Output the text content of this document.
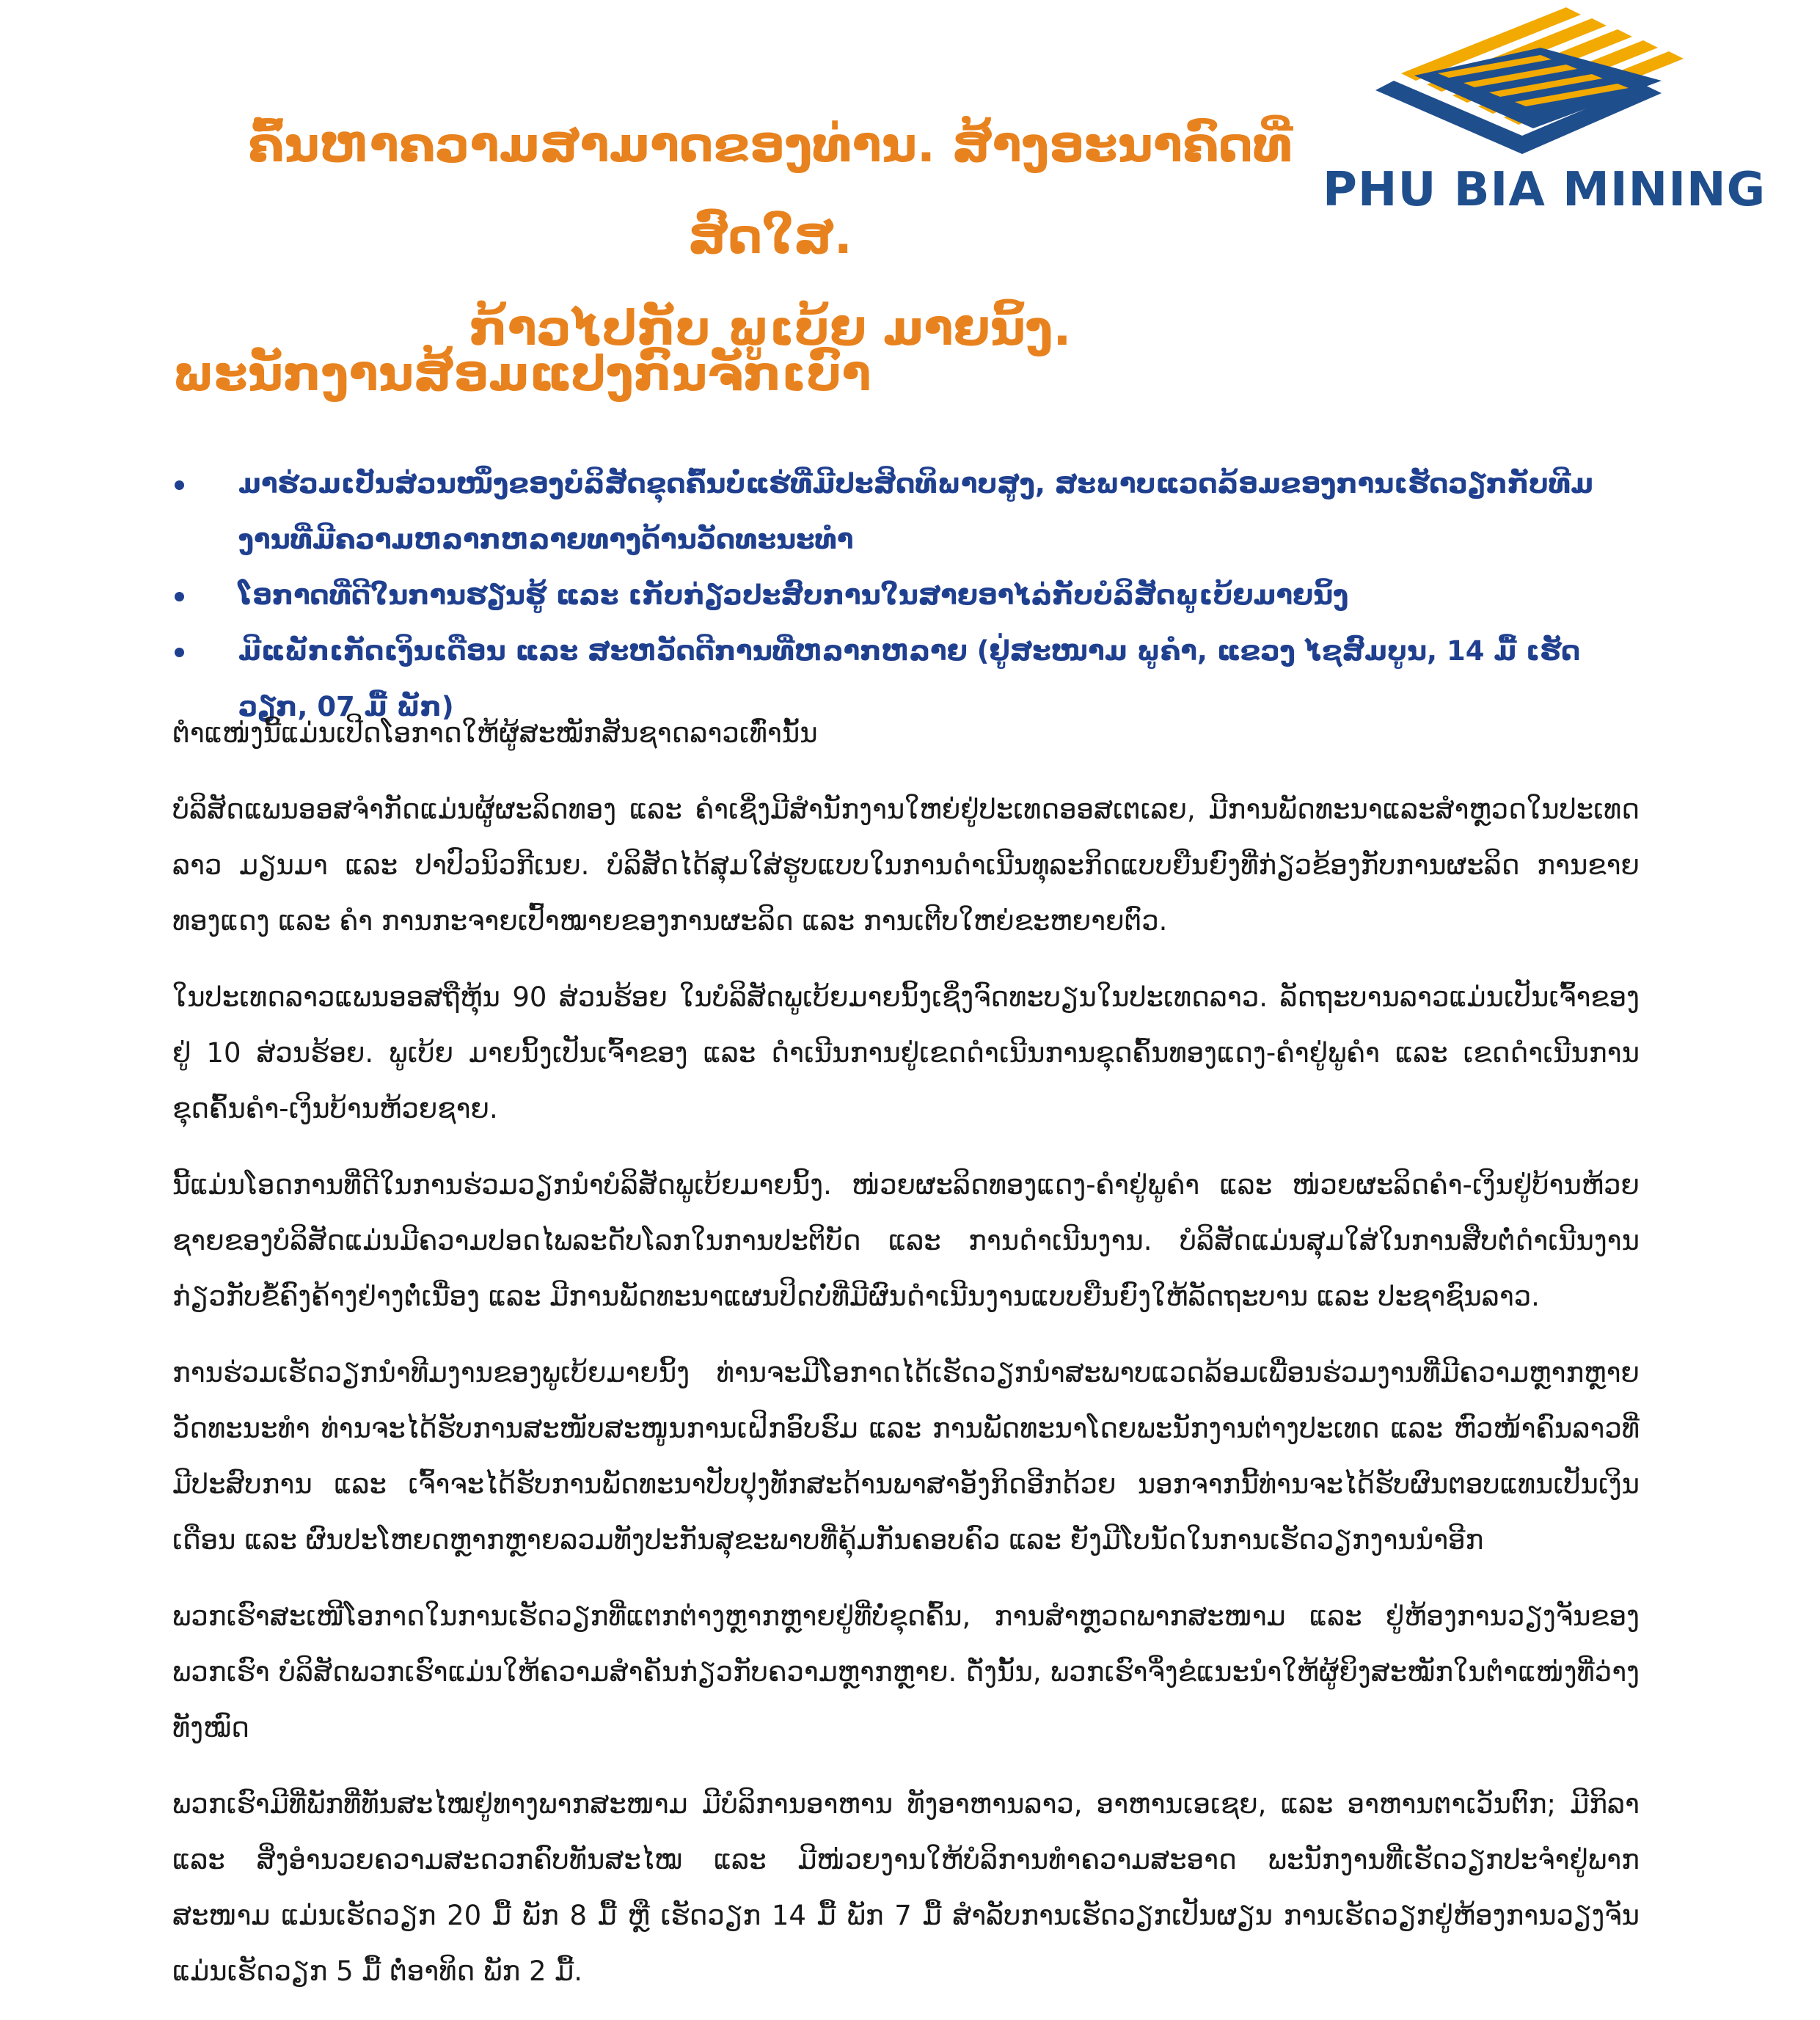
ຄົ້ນຫາຄວາມສາມາດຂອງທ່ານ. ສ້າງອະນາຄົດທີ່ສົດໃສ.
ກ້າວໄປກັບ ພູເບ້ຍ ມາຍນິ້ງ.
PHU BIA MINING
ພະນັກງານສ້ອມແປງກົນຈັກເບົາ
ມາຮ່ວມເປັນສ່ວນໜຶ່ງຂອງບໍລິສັດຂຸດຄົ້ນບໍ່ແຮ່ທີ່ມີປະສິດທິພາບສູງ, ສະພາບແວດລ້ອມຂອງການເຮັດວຽກກັບທີມງານທີ່ມີຄວາມຫລາກຫລາຍທາງດ້ານວັດທະນະທຳ
ໂອກາດທີ່ດີໃນການຮຽນຮູ້ ແລະ ເກັບກ່ຽວປະສົບການໃນສາຍອາໄລ່ກັບບໍລິສັດພູເບ້ຍມາຍນິ້ງ
ມີແພັກເກັດເງິນເດືອນ ແລະ ສະຫວັດດີການທີ່ຫລາກຫລາຍ (ຢູ່ສະໜາມ ພູຄຳ, ແຂວງ ໄຊສົມບູນ, 14 ມື້ ເຮັດວຽກ, 07 ມື້ ພັກ)

ຕຳແໜ່ງນີ້ແມ່ນເປີດໂອກາດໃຫ້ຜູ້ສະໝັກສັນຊາດລາວເທົ່ານັ້ນ

ບໍລິສັດແພນອອສຈຳກັດແມ່ນຜູ້ຜະລິດທອງ ແລະ ຄຳເຊິ່ງມີສຳນັກງານໃຫຍ່ຢູ່ປະເທດອອສເຕເລຍ, ມີການພັດທະນາແລະສຳຫຼວດໃນປະເທດລາວ ມຽນມາ ແລະ ປາປົວນິວກີເນຍ. ບໍລິສັດໄດ້ສຸມໃສ່ຮູບແບບໃນການດຳເນີນທຸລະກິດແບບຍືນຍົງທີ່ກ່ຽວຂ້ອງກັບການຜະລິດ ການຂາຍທອງແດງ ແລະ ຄຳ ການກະຈາຍເປົ້າໝາຍຂອງການຜະລິດ ແລະ ການເຕີບໃຫຍ່ຂະຫຍາຍຕົວ.

ໃນປະເທດລາວແພນອອສຖືຫຸ້ນ 90 ສ່ວນຮ້ອຍ ໃນບໍລິສັດພູເບ້ຍມາຍນິ້ງເຊິ່ງຈົດທະບຽນໃນປະເທດລາວ. ລັດຖະບານລາວແມ່ນເປັນເຈົ້າຂອງຢູ່ 10 ສ່ວນຮ້ອຍ. ພູເບ້ຍ ມາຍນິ້ງເປັນເຈົ້າຂອງ ແລະ ດຳເນີນການຢູ່ເຂດດຳເນີນການຂຸດຄົ້ນທອງແດງ-ຄຳຢູ່ພູຄຳ ແລະ ເຂດດຳເນີນການຂຸດຄົ້ນຄຳ-ເງິນບ້ານຫ້ວຍຊາຍ.

ນີ້ແມ່ນໂອດການທີ່ດີໃນການຮ່ວມວຽກນຳບໍລິສັດພູເບ້ຍມາຍນິ້ງ. ໜ່ວຍຜະລິດທອງແດງ-ຄຳຢູ່ພູຄຳ ແລະ ໜ່ວຍຜະລິດຄຳ-ເງິນຢູ່ບ້ານຫ້ວຍຊາຍຂອງບໍລິສັດແມ່ນມີຄວາມປອດໄພລະດັບໂລກໃນການປະຕິບັດ ແລະ ການດຳເນີນງານ. ບໍລິສັດແມ່ນສຸມໃສ່ໃນການສືບຕໍ່ດຳເນີນງານກ່ຽວກັບຂໍ້ຄົງຄ້າງຢ່າງຕໍ່ເນື່ອງ ແລະ ມີການພັດທະນາແຜນປິດບໍ່ທີ່ມີຜົນດຳເນີນງານແບບຍືນຍົງໃຫ້ລັດຖະບານ ແລະ ປະຊາຊົນລາວ.

ການຮ່ວມເຮັດວຽກນຳທີມງານຂອງພູເບ້ຍມາຍນິ້ງ ທ່ານຈະມີໂອກາດໄດ້ເຮັດວຽກນຳສະພາບແວດລ້ອມເພື່ອນຮ່ວມງານທີ່ມີຄວາມຫຼາກຫຼາຍວັດທະນະທຳ ທ່ານຈະໄດ້ຮັບການສະໜັບສະໜູນການເຝິກອົບຮົມ ແລະ ການພັດທະນາໂດຍພະນັກງານຕ່າງປະເທດ ແລະ ຫົວໜ້າຄົນລາວທີ່ມີປະສົບການ ແລະ ເຈົ້າຈະໄດ້ຮັບການພັດທະນາປັບປຸງທັກສະດ້ານພາສາອັງກິດອີກດ້ວຍ ນອກຈາກນີ້ທ່ານຈະໄດ້ຮັບຜົນຕອບແທນເປັນເງິນເດືອນ ແລະ ຜົນປະໂຫຍດຫຼາກຫຼາຍລວມທັງປະກັນສຸຂະພາບທີ່ຄຸ້ມກັນຄອບຄົວ ແລະ ຍັງມີໂບນັດໃນການເຮັດວຽກງານນຳອີກ

ພວກເຮົາສະເໜີໂອກາດໃນການເຮັດວຽກທີ່ແຕກຕ່າງຫຼາກຫຼາຍຢູ່ທີ່ບໍ່ຂຸດຄົ້ນ, ການສຳຫຼວດພາກສະໜາມ ແລະ ຢູ່ຫ້ອງການວຽງຈັນຂອງພວກເຮົາ ບໍລິສັດພວກເຮົາແມ່ນໃຫ້ຄວາມສຳຄັນກ່ຽວກັບຄວາມຫຼາກຫຼາຍ. ດັ່ງນັ້ນ, ພວກເຮົາຈຶ່ງຂໍແນະນຳໃຫ້ຜູ້ຍິງສະໝັກໃນຕຳແໜ່ງທີ່ວ່າງທັງໝົດ

ພວກເຮົາມີທີ່ພັກທີ່ທັນສະໄໝຢູ່ທາງພາກສະໜາມ ມີບໍລິການອາຫານ ທັງອາຫານລາວ, ອາຫານເອເຊຍ, ແລະ ອາຫານຕາເວັນຕົກ; ມີກິລາ ແລະ ສິ່ງອຳນວຍຄວາມສະດວກຄົບທັນສະໄໝ ແລະ ມີໜ່ວຍງານໃຫ້ບໍລິການທຳຄວາມສະອາດ ພະນັກງານທີ່ເຮັດວຽກປະຈຳຢູ່ພາກສະໜາມ ແມ່ນເຮັດວຽກ 20 ມື້ ພັກ 8 ມື້ ຫຼື ເຮັດວຽກ 14 ມື້ ພັກ 7 ມື້ ສຳລັບການເຮັດວຽກເປັນຜຽນ ການເຮັດວຽກຢູ່ຫ້ອງການວຽງຈັນແມ່ນເຮັດວຽກ 5 ມື້ ຕໍ່ອາທິດ ພັກ 2 ມື້.
